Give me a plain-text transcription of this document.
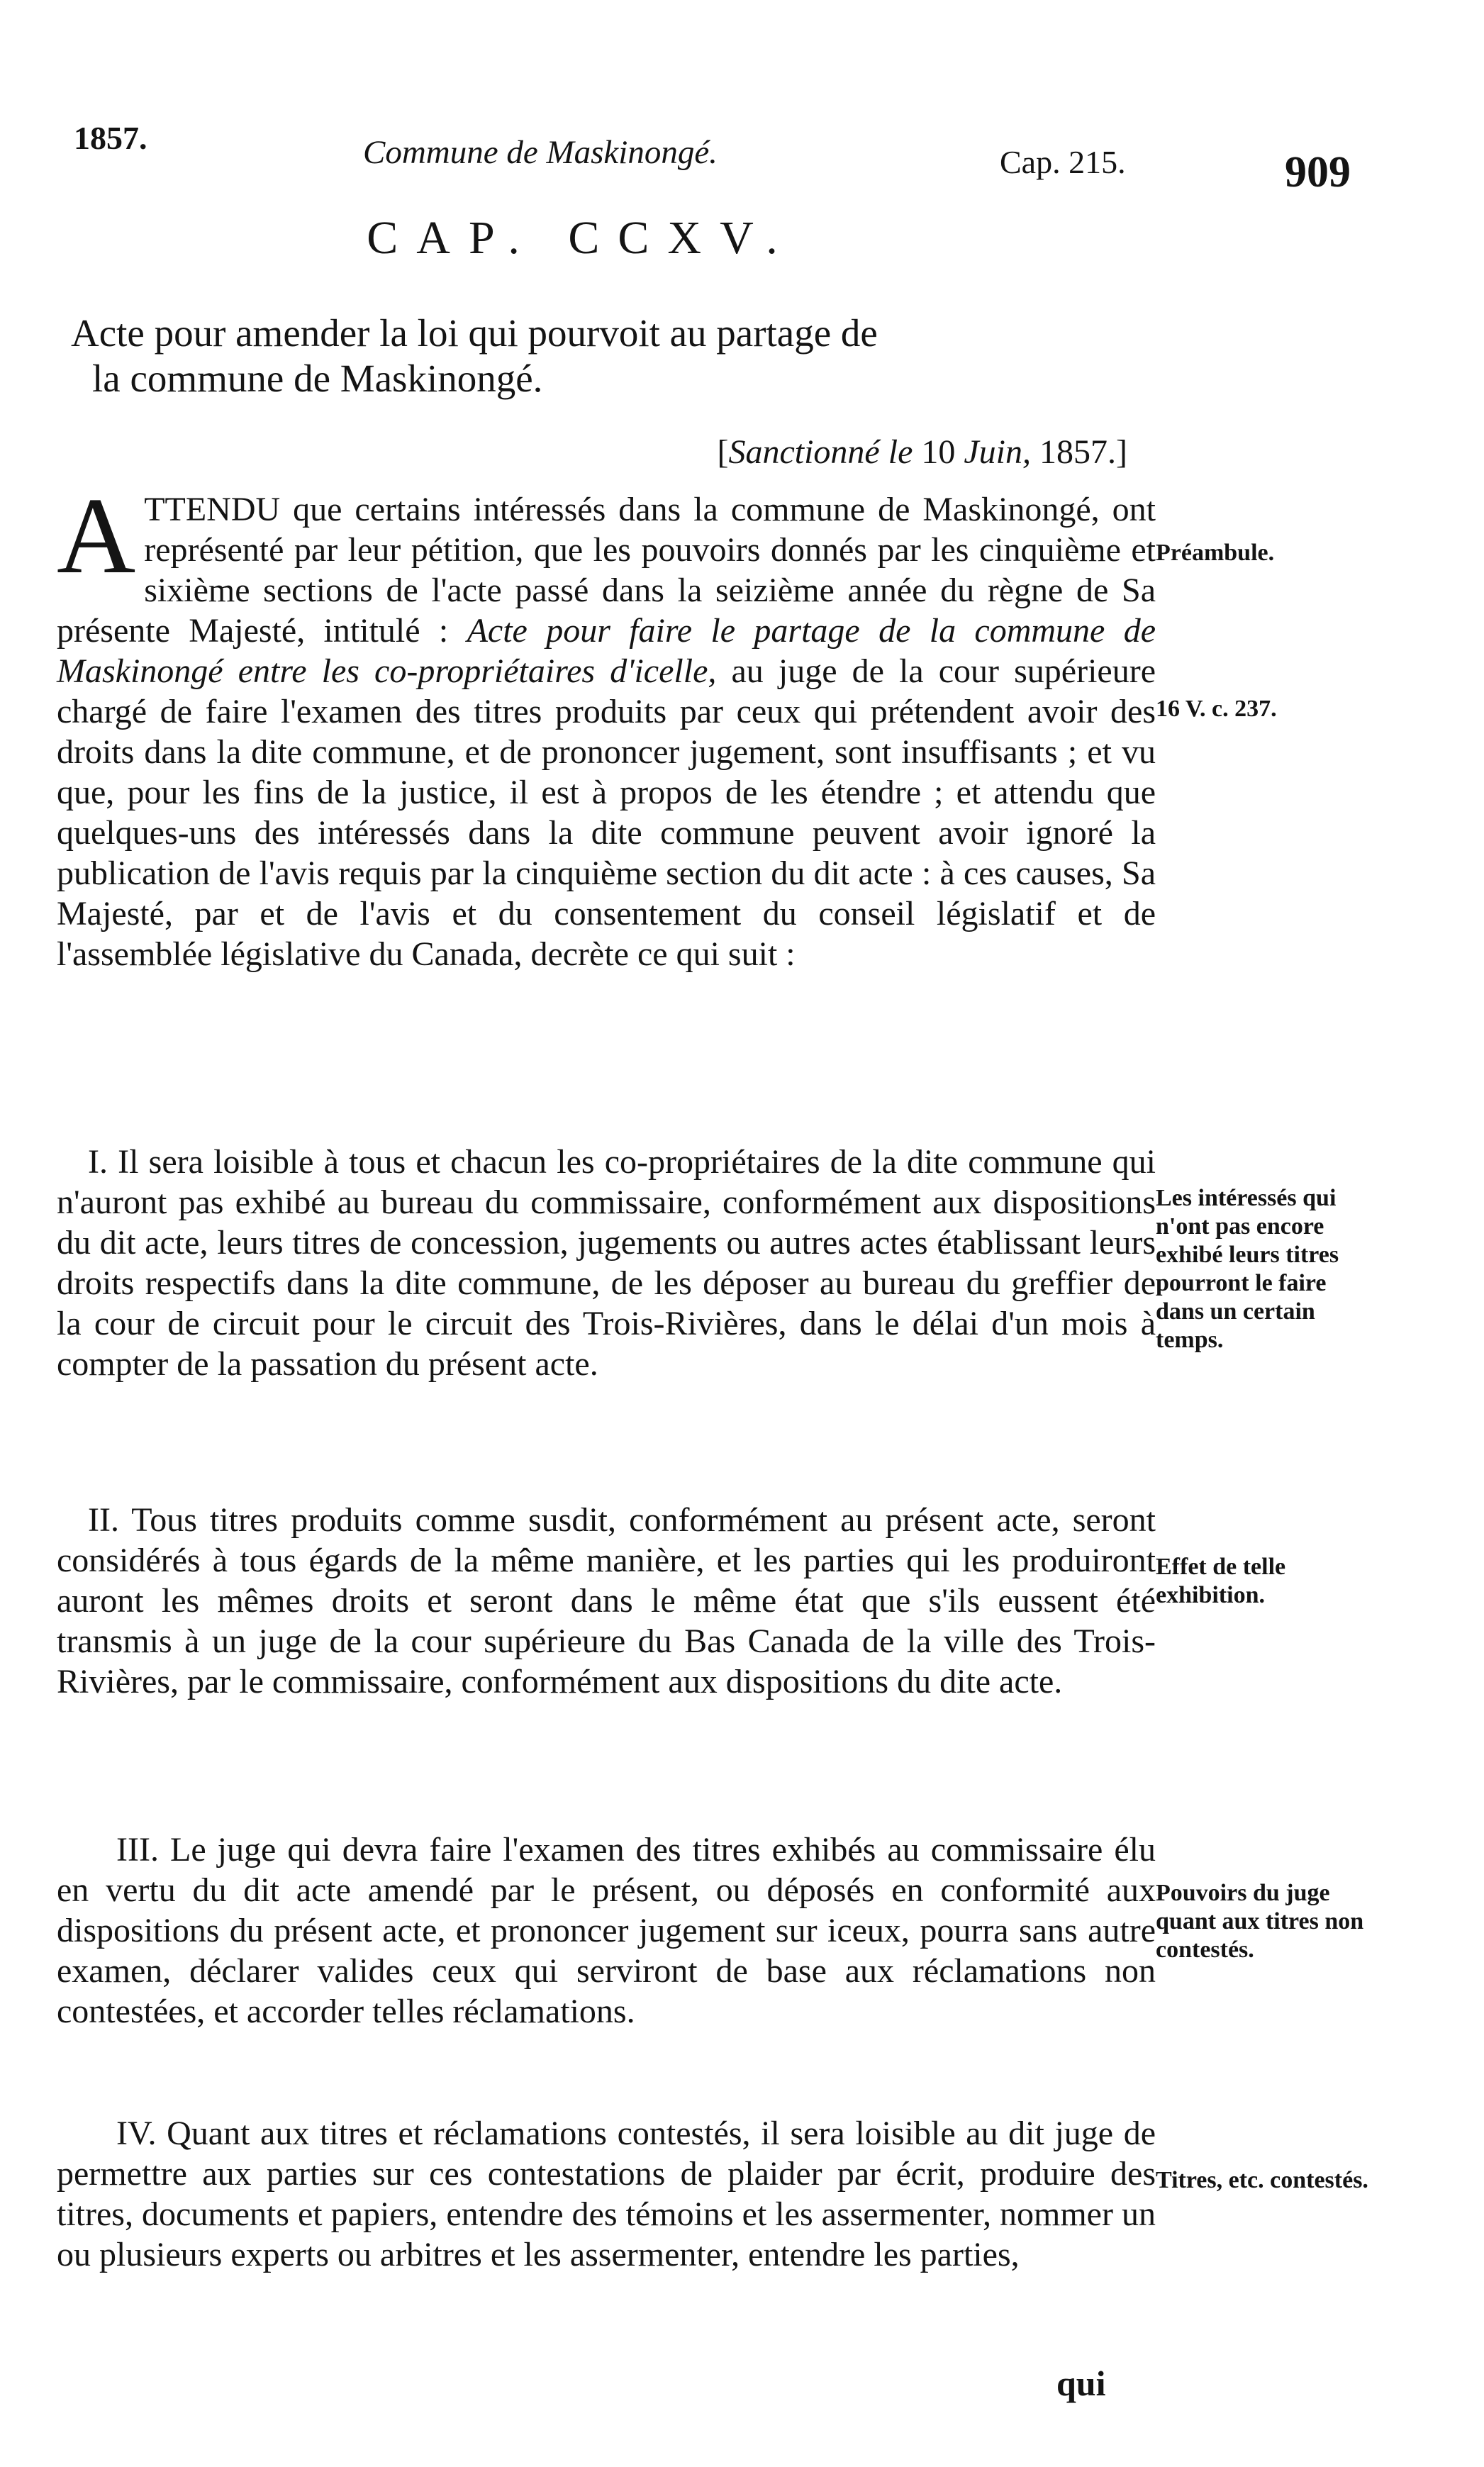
1857.	Commune de Maskinongé.	Cap. 215.	909
CAP. CCXV.
Acte pour amender la loi qui pourvoit au partage de
la commune de Maskinongé.
[Sanctionné le 10 Juin, 1857.]
ATTENDU que certains intéressés dans la commune de Maskinongé, ont représenté par leur pétition, que les pouvoirs donnés par les cinquième et sixième sections de l'acte passé dans la seizième année du règne de Sa présente Majesté, intitulé : Acte pour faire le partage de la commune de Maskinongé entre les co-propriétaires d'icelle, au juge de la cour supérieure chargé de faire l'examen des titres produits par ceux qui prétendent avoir des droits dans la dite commune, et de prononcer jugement, sont insuffisants ; et vu que, pour les fins de la justice, il est à propos de les étendre ; et attendu que quelques-uns des intéressés dans la dite commune peuvent avoir ignoré la publication de l'avis requis par la cinquième section du dit acte : à ces causes, Sa Majesté, par et de l'avis et du consentement du conseil législatif et de l'assemblée législative du Canada, decrète ce qui suit :
I. Il sera loisible à tous et chacun les co-propriétaires de la dite commune qui n'auront pas exhibé au bureau du commissaire, conformément aux dispositions du dit acte, leurs titres de concession, jugements ou autres actes établissant leurs droits respectifs dans la dite commune, de les déposer au bureau du greffier de la cour de circuit pour le circuit des Trois-Rivières, dans le délai d'un mois à compter de la passation du présent acte.
II. Tous titres produits comme susdit, conformément au présent acte, seront considérés à tous égards de la même manière, et les parties qui les produiront auront les mêmes droits et seront dans le même état que s'ils eussent été transmis à un juge de la cour supérieure du Bas Canada de la ville des Trois-Rivières, par le commissaire, conformément aux dispositions du dite acte.
III. Le juge qui devra faire l'examen des titres exhibés au commissaire élu en vertu du dit acte amendé par le présent, ou déposés en conformité aux dispositions du présent acte, et prononcer jugement sur iceux, pourra sans autre examen, déclarer valides ceux qui serviront de base aux réclamations non contestées, et accorder telles réclamations.
IV. Quant aux titres et réclamations contestés, il sera loisible au dit juge de permettre aux parties sur ces contestations de plaider par écrit, produire des titres, documents et papiers, entendre des témoins et les assermenter, nommer un ou plusieurs experts ou arbitres et les assermenter, entendre les parties,
Préambule.
16 V. c. 237.
Les intéressés qui n'ont pas encore exhibé leurs titres pourront le faire dans un certain temps.
Effet de telle exhibition.
Pouvoirs du juge quant aux titres non contestés.
Titres, etc. contestés.
qui
